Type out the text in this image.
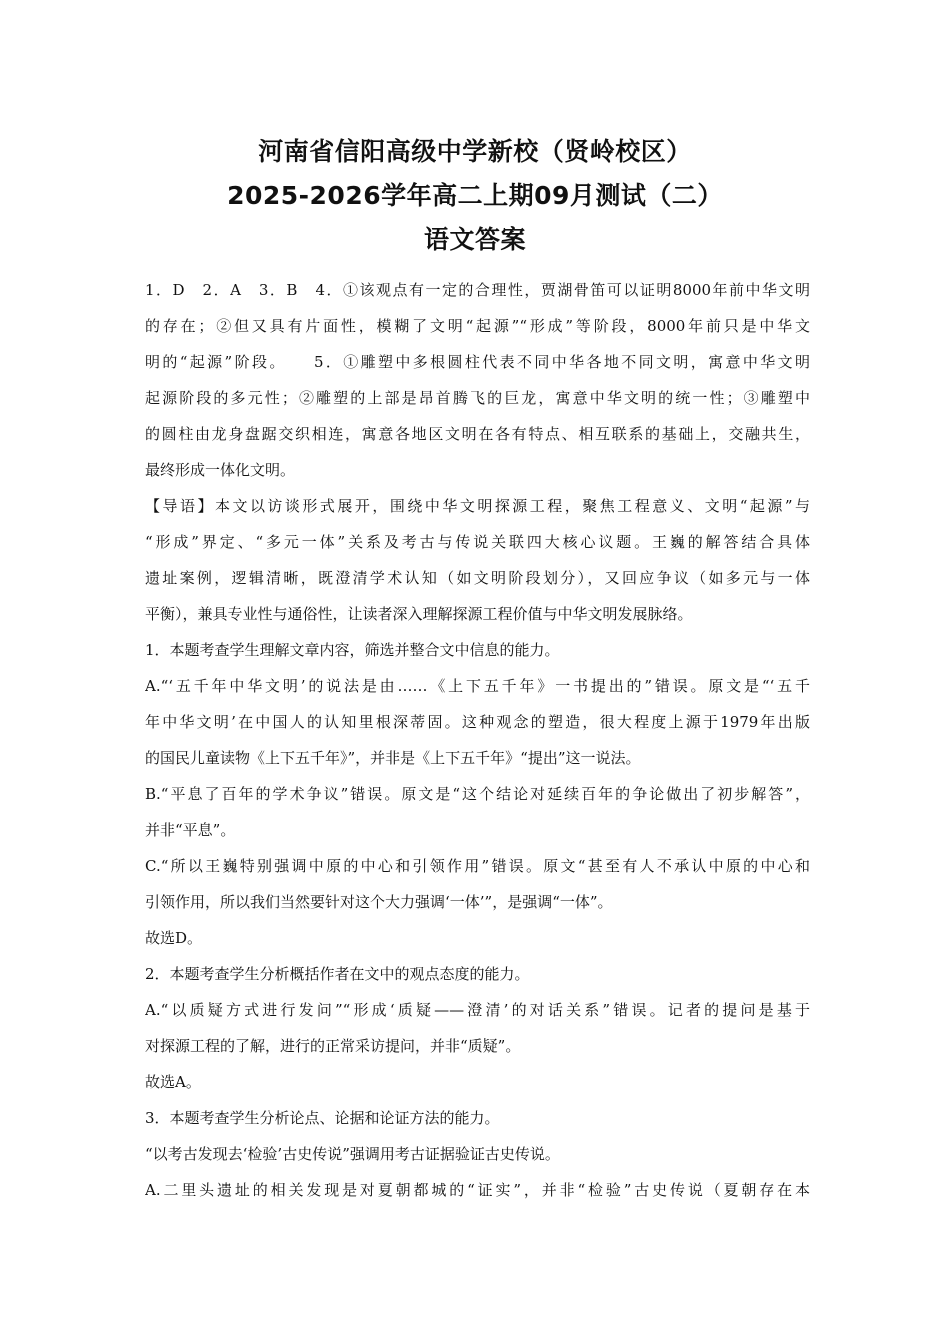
河南省信阳高级中学新校（贤岭校区）
2025-2026学年高二上期09月测试（二）
语文答案
1．D　2．A　3．B　4．①该观点有一定的合理性，贾湖骨笛可以证明8000年前中华文明
的存在；②但又具有片面性，模糊了文明“起源”“形成”等阶段，8000年前只是中华文
明的“起源”阶段。　　5．①雕塑中多根圆柱代表不同中华各地不同文明，寓意中华文明
起源阶段的多元性；②雕塑的上部是昂首腾飞的巨龙，寓意中华文明的统一性；③雕塑中
的圆柱由龙身盘踞交织相连，寓意各地区文明在各有特点、相互联系的基础上，交融共生，
最终形成一体化文明。
【导语】本文以访谈形式展开，围绕中华文明探源工程，聚焦工程意义、文明“起源”与
“形成”界定、“多元一体”关系及考古与传说关联四大核心议题。王巍的解答结合具体
遗址案例，逻辑清晰，既澄清学术认知（如文明阶段划分），又回应争议（如多元与一体
平衡），兼具专业性与通俗性，让读者深入理解探源工程价值与中华文明发展脉络。
1．本题考查学生理解文章内容，筛选并整合文中信息的能力。
A.“‘五千年中华文明’的说法是由……《上下五千年》一书提出的”错误。原文是“‘五千
年中华文明’在中国人的认知里根深蒂固。这种观念的塑造，很大程度上源于1979年出版
的国民儿童读物《上下五千年》”，并非是《上下五千年》“提出”这一说法。
B.“平息了百年的学术争议”错误。原文是“这个结论对延续百年的争论做出了初步解答”，
并非“平息”。
C.“所以王巍特别强调中原的中心和引领作用”错误。原文“甚至有人不承认中原的中心和
引领作用，所以我们当然要针对这个大力强调‘一体’”，是强调“一体”。
故选D。
2．本题考查学生分析概括作者在文中的观点态度的能力。
A.“以质疑方式进行发问”“形成‘质疑——澄清’的对话关系”错误。记者的提问是基于
对探源工程的了解，进行的正常采访提问，并非“质疑”。
故选A。
3．本题考查学生分析论点、论据和论证方法的能力。
“以考古发现去‘检验’古史传说”强调用考古证据验证古史传说。
A.二里头遗址的相关发现是对夏朝都城的“证实”，并非“检验”古史传说（夏朝存在本
